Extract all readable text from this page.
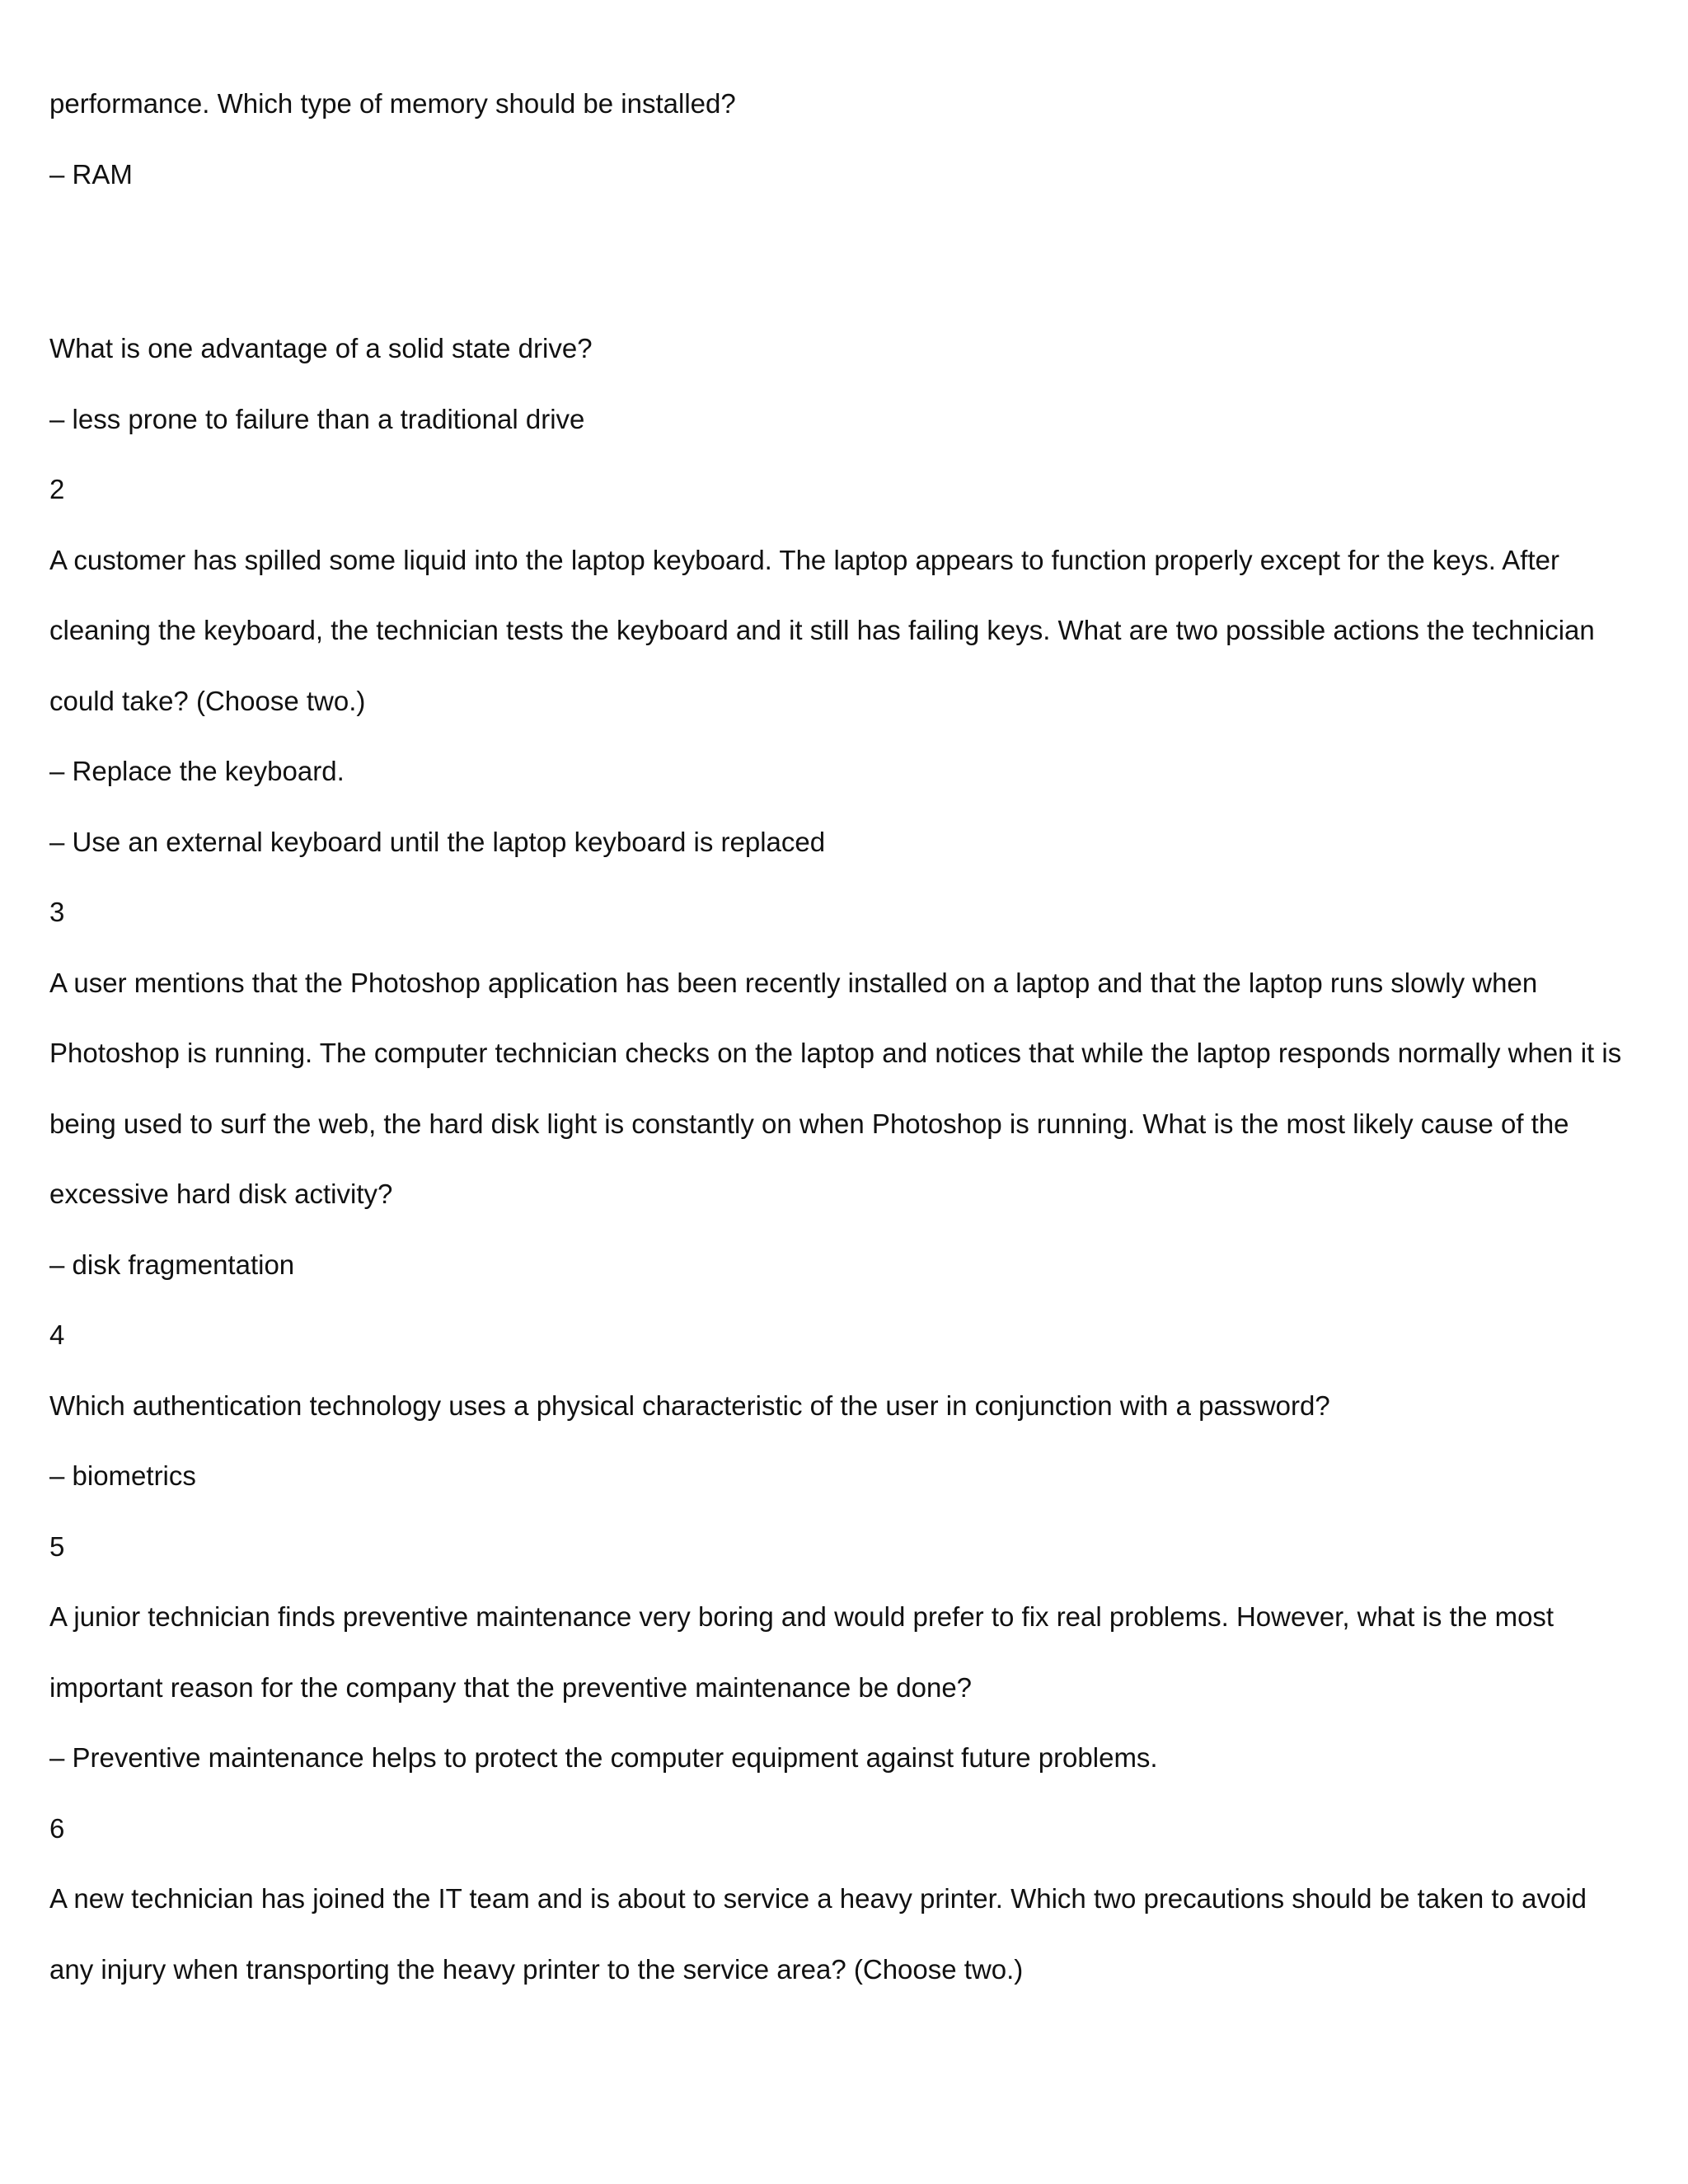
performance. Which type of memory should be installed?

– RAM

What is one advantage of a solid state drive?

– less prone to failure than a traditional drive

2

A customer has spilled some liquid into the laptop keyboard. The laptop appears to function properly except for the keys. After

cleaning the keyboard, the technician tests the keyboard and it still has failing keys. What are two possible actions the technician

could take? (Choose two.)

– Replace the keyboard.

– Use an external keyboard until the laptop keyboard is replaced

3

A user mentions that the Photoshop application has been recently installed on a laptop and that the laptop runs slowly when

Photoshop is running. The computer technician checks on the laptop and notices that while the laptop responds normally when it is

being used to surf the web, the hard disk light is constantly on when Photoshop is running. What is the most likely cause of the

excessive hard disk activity?

– disk fragmentation

4

Which authentication technology uses a physical characteristic of the user in conjunction with a password?

– biometrics

5

A junior technician finds preventive maintenance very boring and would prefer to fix real problems. However, what is the most

important reason for the company that the preventive maintenance be done?

– Preventive maintenance helps to protect the computer equipment against future problems.

6

A new technician has joined the IT team and is about to service a heavy printer. Which two precautions should be taken to avoid

any injury when transporting the heavy printer to the service area? (Choose two.)
